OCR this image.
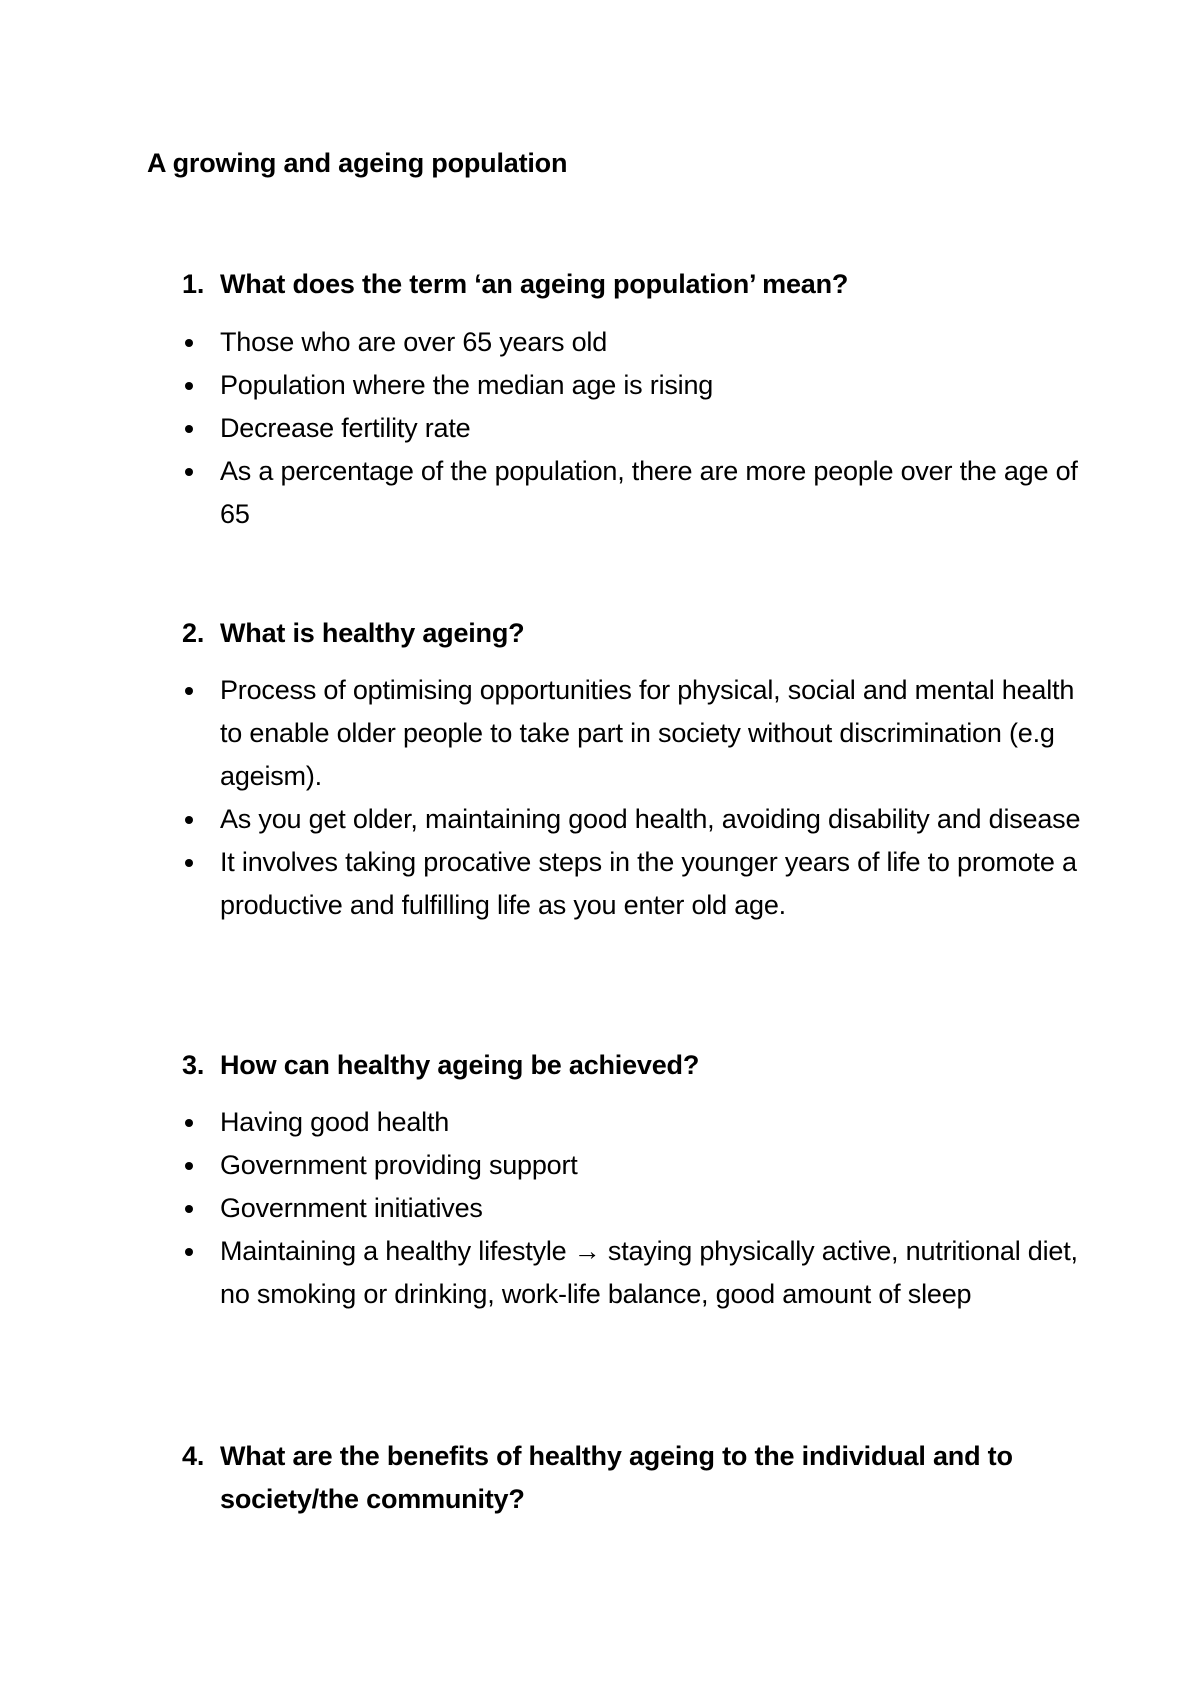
A growing and ageing population
1. What does the term ‘an ageing population’ mean?
Those who are over 65 years old
Population where the median age is rising
Decrease fertility rate
As a percentage of the population, there are more people over the age of 65
2. What is healthy ageing?
Process of optimising opportunities for physical, social and mental health to enable older people to take part in society without discrimination (e.g ageism).
As you get older, maintaining good health, avoiding disability and disease
It involves taking procative steps in the younger years of life to promote a productive and fulfilling life as you enter old age.
3. How can healthy ageing be achieved?
Having good health
Government providing support
Government initiatives
Maintaining a healthy lifestyle → staying physically active, nutritional diet, no smoking or drinking, work-life balance, good amount of sleep
4. What are the benefits of healthy ageing to the individual and to society/the community?
